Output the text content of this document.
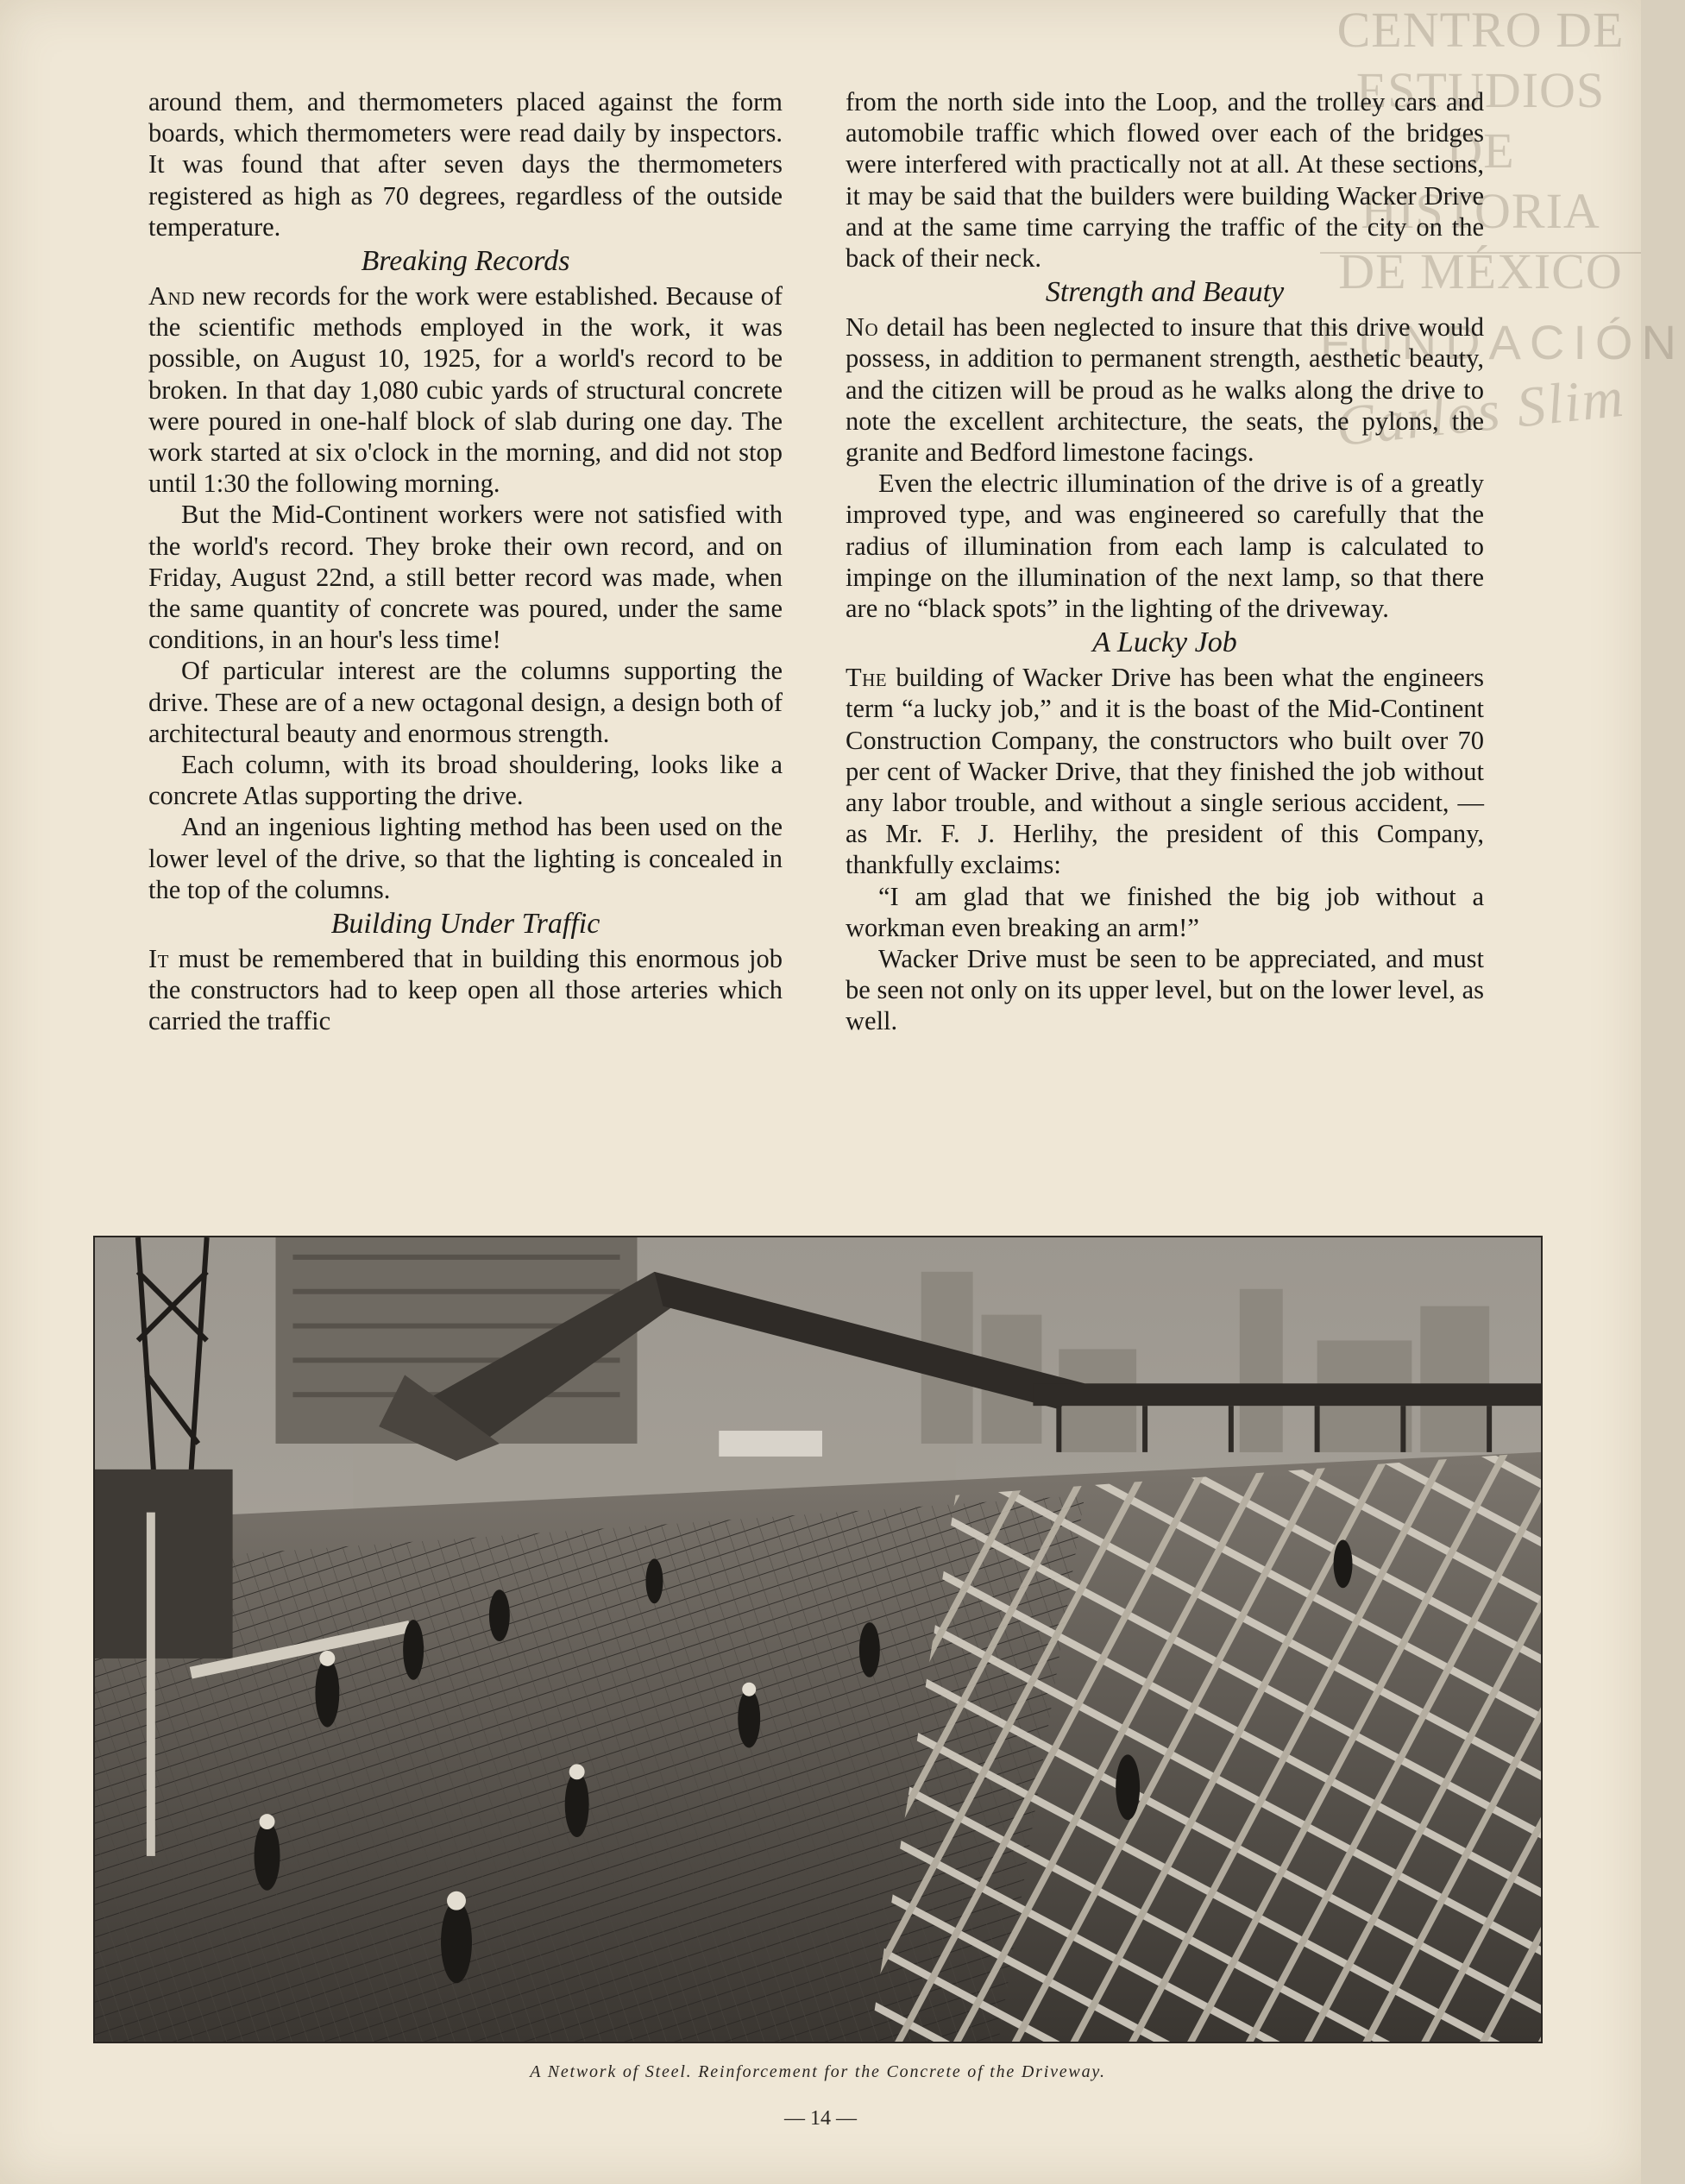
CENTRO DE
ESTUDIOS
DE HISTORIA
DE MÉXICO
FUNDACIÓN
Carlos Slim

around them, and thermometers placed against the form boards, which thermometers were read daily by inspectors. It was found that after seven days the thermometers registered as high as 70 degrees, regardless of the outside temperature.

Breaking Records

And new records for the work were established. Because of the scientific methods employed in the work, it was possible, on August 10, 1925, for a world's record to be broken. In that day 1,080 cubic yards of structural concrete were poured in one-half block of slab during one day. The work started at six o'clock in the morning, and did not stop until 1:30 the following morning.

But the Mid-Continent workers were not satisfied with the world's record. They broke their own record, and on Friday, August 22nd, a still better record was made, when the same quantity of concrete was poured, under the same conditions, in an hour's less time!

Of particular interest are the columns supporting the drive. These are of a new octagonal design, a design both of architectural beauty and enormous strength.

Each column, with its broad shouldering, looks like a concrete Atlas supporting the drive.

And an ingenious lighting method has been used on the lower level of the drive, so that the lighting is concealed in the top of the columns.

Building Under Traffic

It must be remembered that in building this enormous job the constructors had to keep open all those arteries which carried the traffic

from the north side into the Loop, and the trolley cars and automobile traffic which flowed over each of the bridges were interfered with practically not at all. At these sections, it may be said that the builders were building Wacker Drive and at the same time carrying the traffic of the city on the back of their neck.

Strength and Beauty

No detail has been neglected to insure that this drive would possess, in addition to permanent strength, aesthetic beauty, and the citizen will be proud as he walks along the drive to note the excellent architecture, the seats, the pylons, the granite and Bedford limestone facings.

Even the electric illumination of the drive is of a greatly improved type, and was engineered so carefully that the radius of illumination from each lamp is calculated to impinge on the illumination of the next lamp, so that there are no “black spots” in the lighting of the driveway.

A Lucky Job

The building of Wacker Drive has been what the engineers term “a lucky job,” and it is the boast of the Mid-Continent Construction Company, the constructors who built over 70 per cent of Wacker Drive, that they finished the job without any labor trouble, and without a single serious accident, — as Mr. F. J. Herlihy, the president of this Company, thankfully exclaims:

“I am glad that we finished the big job without a workman even breaking an arm!”

Wacker Drive must be seen to be appreciated, and must be seen not only on its upper level, but on the lower level, as well.

A Network of Steel. Reinforcement for the Concrete of the Driveway.
— 14 —
